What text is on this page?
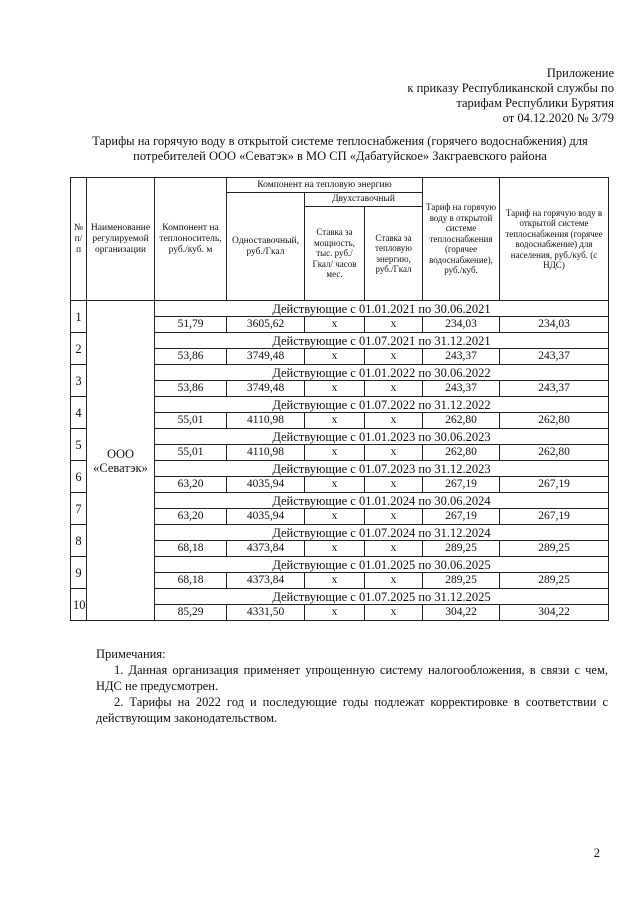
Приложение
к приказу Республиканской службы по
тарифам Республики Бурятия
от 04.12.2020 № 3/79
Тарифы на горячую воду в открытой системе теплоснабжения (горячего водоснабжения) для
потребителей ООО «Севатэк» в МО СП «Дабатуйское» Закграевского района
№ п/п	Наименование регулируемой организации	Компонент на теплоноситель, руб./куб. м	Компонент на тепловую энергию			Тариф на горячую воду в открытой системе теплоснабжения (горячее водоснабжение), руб./куб.	Тариф на горячую воду в открытой системе теплоснабжения (горячее водоснабжение) для населения, руб./куб. (с НДС)
			Одноставочный, руб./Гкал	Двухставочный			
				Ставка за мощность, тыс. руб./Гкал/ часов мес.	Ставка за тепловую энергию, руб./Гкал		
1	ООО «Севатэк»	Действующие с 01.01.2021 по 30.06.2021					
		51,79	3605,62	x	x	234,03	234,03
2		Действующие с 01.07.2021 по 31.12.2021					
		53,86	3749,48	x	x	243,37	243,37
3		Действующие с 01.01.2022 по 30.06.2022					
		53,86	3749,48	x	x	243,37	243,37
4		Действующие с 01.07.2022 по 31.12.2022					
		55,01	4110,98	x	x	262,80	262,80
5		Действующие с 01.01.2023 по 30.06.2023					
		55,01	4110,98	x	x	262,80	262,80
6		Действующие с 01.07.2023 по 31.12.2023					
		63,20	4035,94	x	x	267,19	267,19
7		Действующие с 01.01.2024 по 30.06.2024					
		63,20	4035,94	x	x	267,19	267,19
8		Действующие с 01.07.2024 по 31.12.2024					
		68,18	4373,84	x	x	289,25	289,25
9		Действующие с 01.01.2025 по 30.06.2025					
		68,18	4373,84	x	x	289,25	289,25
10		Действующие с 01.07.2025 по 31.12.2025					
		85,29	4331,50	x	x	304,22	304,22

Примечания:

1. Данная организация применяет упрощенную систему налогообложения, в связи с чем, НДС не предусмотрен.

2. Тарифы на 2022 год и последующие годы подлежат корректировке в соответствии с действующим законодательством.

2
